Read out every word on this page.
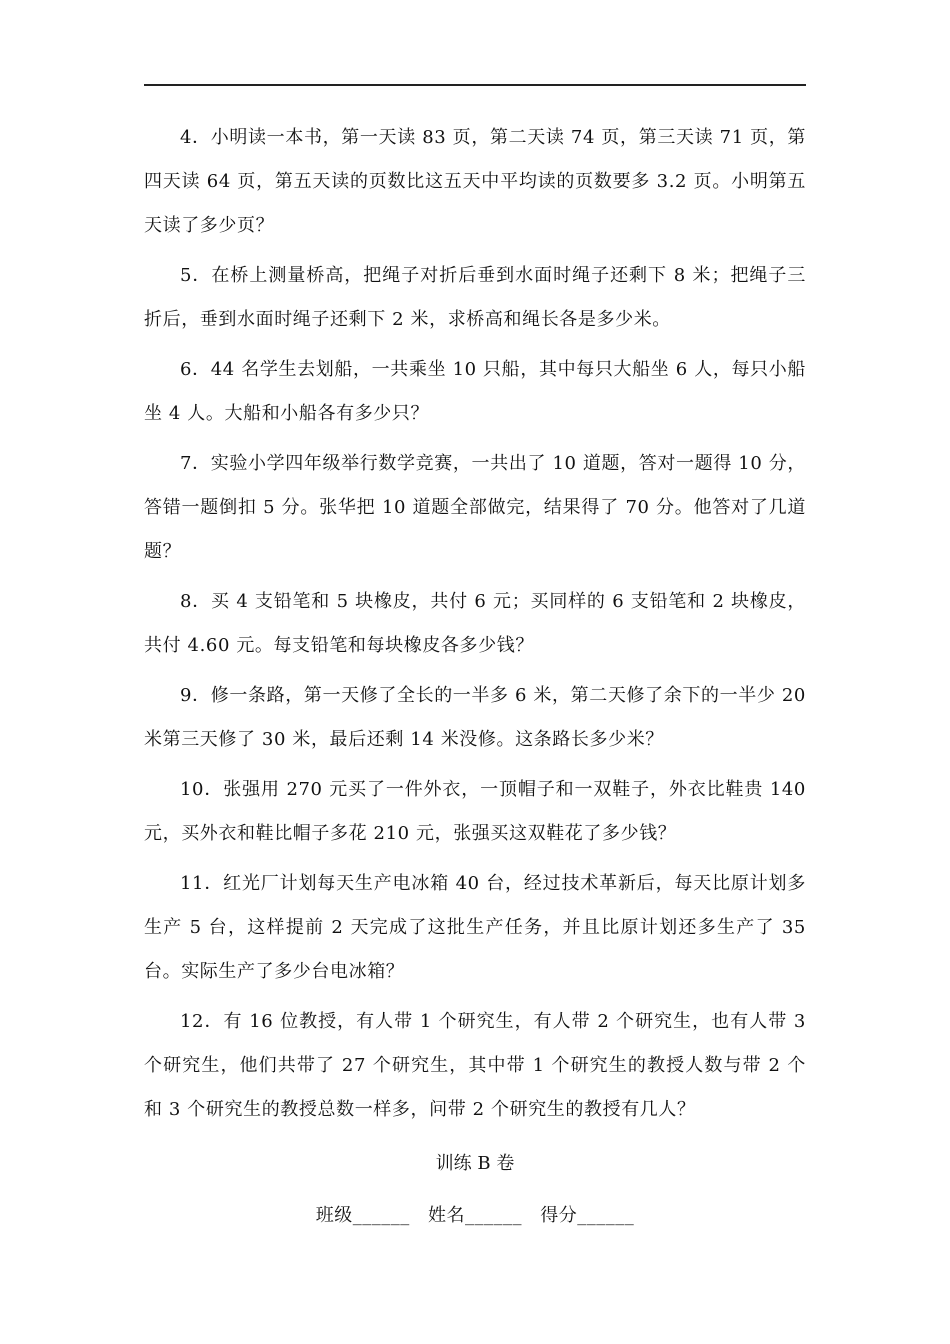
4．小明读一本书，第一天读 83 页，第二天读 74 页，第三天读 71 页，第四天读 64 页，第五天读的页数比这五天中平均读的页数要多 3.2 页。小明第五天读了多少页？

5．在桥上测量桥高，把绳子对折后垂到水面时绳子还剩下 8 米；把绳子三折后，垂到水面时绳子还剩下 2 米，求桥高和绳长各是多少米。

6．44 名学生去划船，一共乘坐 10 只船，其中每只大船坐 6 人，每只小船坐 4 人。大船和小船各有多少只？

7．实验小学四年级举行数学竞赛，一共出了 10 道题，答对一题得 10 分，答错一题倒扣 5 分。张华把 10 道题全部做完，结果得了 70 分。他答对了几道题？

8．买 4 支铅笔和 5 块橡皮，共付 6 元；买同样的 6 支铅笔和 2 块橡皮，共付 4.60 元。每支铅笔和每块橡皮各多少钱？

9．修一条路，第一天修了全长的一半多 6 米，第二天修了余下的一半少 20 米第三天修了 30 米，最后还剩 14 米没修。这条路长多少米？

10．张强用 270 元买了一件外衣，一顶帽子和一双鞋子，外衣比鞋贵 140 元，买外衣和鞋比帽子多花 210 元，张强买这双鞋花了多少钱？

11．红光厂计划每天生产电冰箱 40 台，经过技术革新后，每天比原计划多生产 5 台，这样提前 2 天完成了这批生产任务，并且比原计划还多生产了 35 台。实际生产了多少台电冰箱？

12．有 16 位教授，有人带 1 个研究生，有人带 2 个研究生，也有人带 3 个研究生，他们共带了 27 个研究生，其中带 1 个研究生的教授人数与带 2 个和 3 个研究生的教授总数一样多，问带 2 个研究生的教授有几人？

训练 B 卷
班级______ 姓名______ 得分______
